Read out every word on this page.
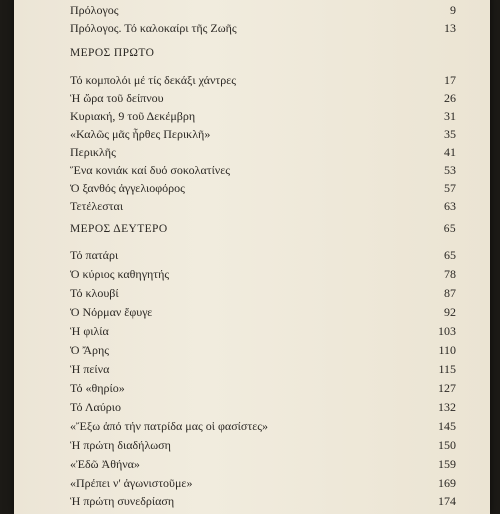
Πρόλογος	9
Πρόλογος. Τό καλοκαίρι τῆς Ζωῆς	13
ΜΕΡΟΣ ΠΡΩΤΟ
Τό κομπολόι μέ τίς δεκάξι χάντρες	17
Ἡ ὥρα τοῦ δείπνου	26
Κυριακή, 9 τοῦ Δεκέμβρη	31
«Καλῶς μᾶς ἦρθες Περικλῆ»	35
Περικλῆς	41
Ἕνα κονιάκ καί δυό σοκολατίνες	53
Ὁ ξανθός ἀγγελιοφόρος	57
Τετέλεσται	63
ΜΕΡΟΣ ΔΕΥΤΕΡΟ	65
Τό πατάρι	65
Ὁ κύριος καθηγητής	78
Τό κλουβί	87
Ὁ Νόρμαν ἔφυγε	92
Ἡ φιλία	103
Ὁ Ἄρης	110
Ἡ πείνα	115
Τό «θηρίο»	127
Τό Λαύριο	132
«Ἔξω ἀπό τήν πατρίδα μας οἱ φασίστες»	145
Ἡ πρώτη διαδήλωση	150
«Ἐδῶ Ἀθήνα»	159
«Πρέπει ν' ἀγωνιστοῦμε»	169
Ἡ πρώτη συνεδρίαση	174
